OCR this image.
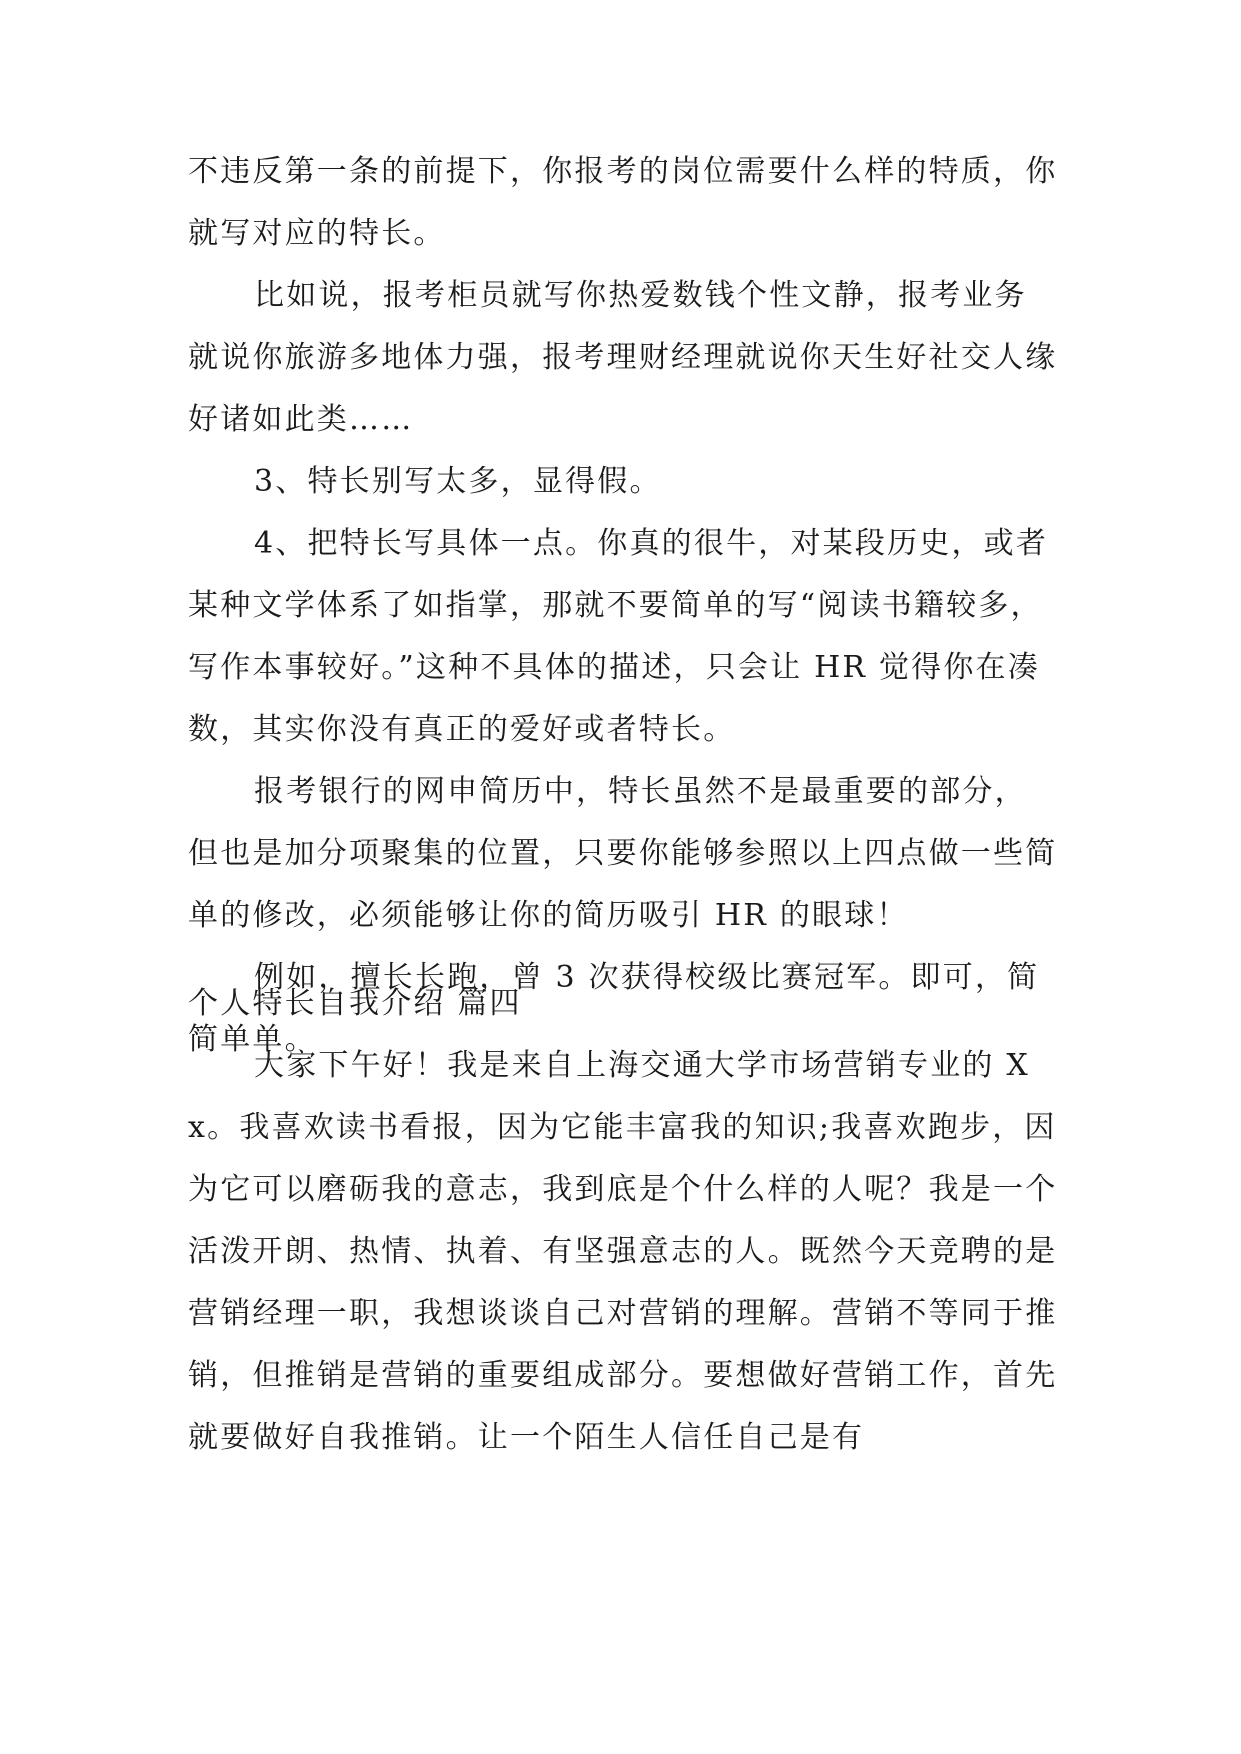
不违反第一条的前提下，你报考的岗位需要什么样的特质，你就写对应的特长。

比如说，报考柜员就写你热爱数钱个性文静，报考业务就说你旅游多地体力强，报考理财经理就说你天生好社交人缘好诸如此类……

3、特长别写太多，显得假。

4、把特长写具体一点。你真的很牛，对某段历史，或者某种文学体系了如指掌，那就不要简单的写“阅读书籍较多，写作本事较好。”这种不具体的描述，只会让 HR 觉得你在凑数，其实你没有真正的爱好或者特长。

报考银行的网申简历中，特长虽然不是最重要的部分，但也是加分项聚集的位置，只要你能够参照以上四点做一些简单的修改，必须能够让你的简历吸引 HR 的眼球！

例如，擅长长跑，曾 3 次获得校级比赛冠军。即可，简简单单。

个人特长自我介绍 篇四

大家下午好！我是来自上海交通大学市场营销专业的 Xx。我喜欢读书看报，因为它能丰富我的知识;我喜欢跑步，因为它可以磨砺我的意志，我到底是个什么样的人呢？我是一个活泼开朗、热情、执着、有坚强意志的人。既然今天竞聘的是营销经理一职，我想谈谈自己对营销的理解。营销不等同于推销，但推销是营销的重要组成部分。要想做好营销工作，首先就要做好自我推销。让一个陌生人信任自己是有
